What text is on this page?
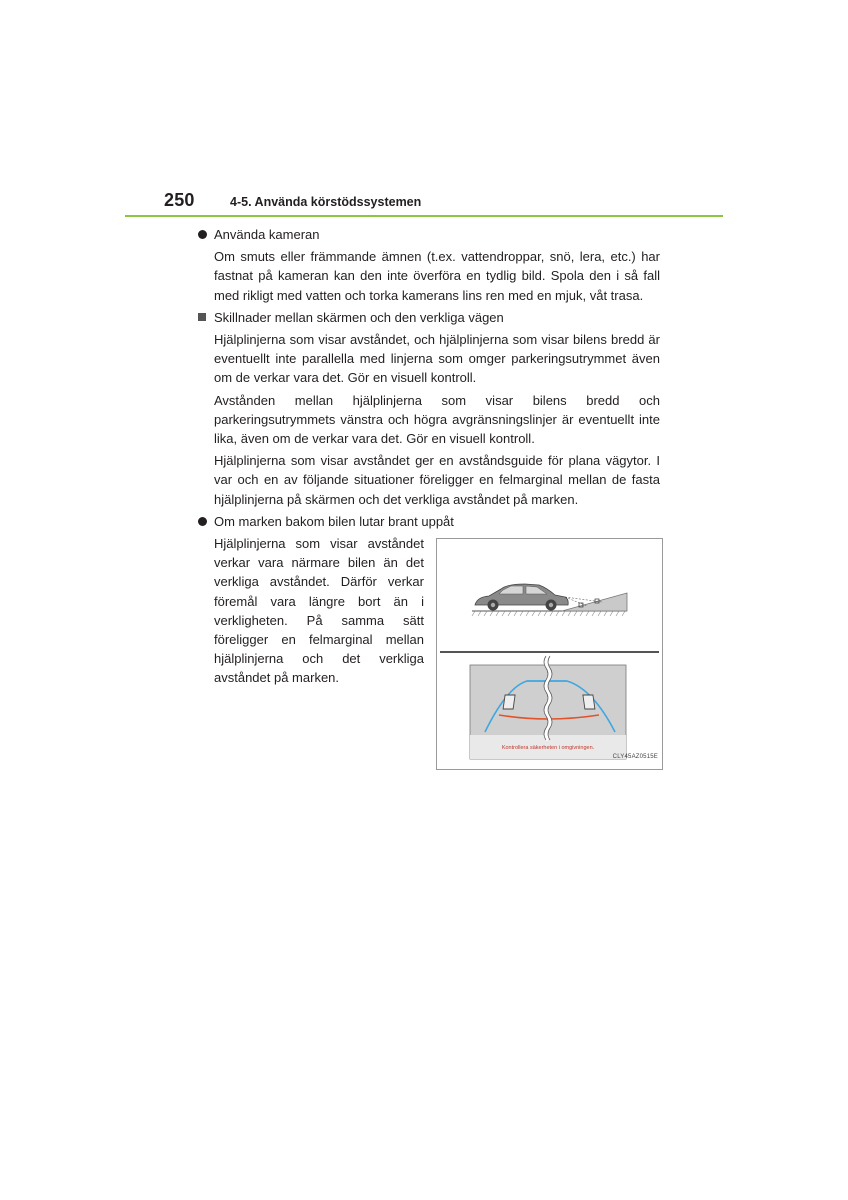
250	4-5. Använda körstödssystemen
Använda kameran

Om smuts eller främmande ämnen (t.ex. vattendroppar, snö, lera, etc.) har fastnat på kameran kan den inte överföra en tydlig bild. Spola den i så fall med rikligt med vatten och torka kamerans lins ren med en mjuk, våt trasa.

Skillnader mellan skärmen och den verkliga vägen

Hjälplinjerna som visar avståndet, och hjälplinjerna som visar bilens bredd är eventuellt inte parallella med linjerna som omger parkeringsutrymmet även om de verkar vara det. Gör en visuell kontroll.

Avstånden mellan hjälplinjerna som visar bilens bredd och parkeringsutrymmets vänstra och högra avgränsningslinjer är eventuellt inte lika, även om de verkar vara det. Gör en visuell kontroll.

Hjälplinjerna som visar avståndet ger en avståndsguide för plana vägytor. I var och en av följande situationer föreligger en felmarginal mellan de fasta hjälplinjerna på skärmen och det verkliga avståndet på marken.

Om marken bakom bilen lutar brant uppåt

Hjälplinjerna som visar avståndet verkar vara närmare bilen än det verkliga avståndet. Därför verkar föremål vara längre bort än i verkligheten. På samma sätt föreligger en felmarginal mellan hjälplinjerna och det verkliga avståndet på marken.

Kontrollera säkerheten i omgivningen.
CLY45AZ0515E
